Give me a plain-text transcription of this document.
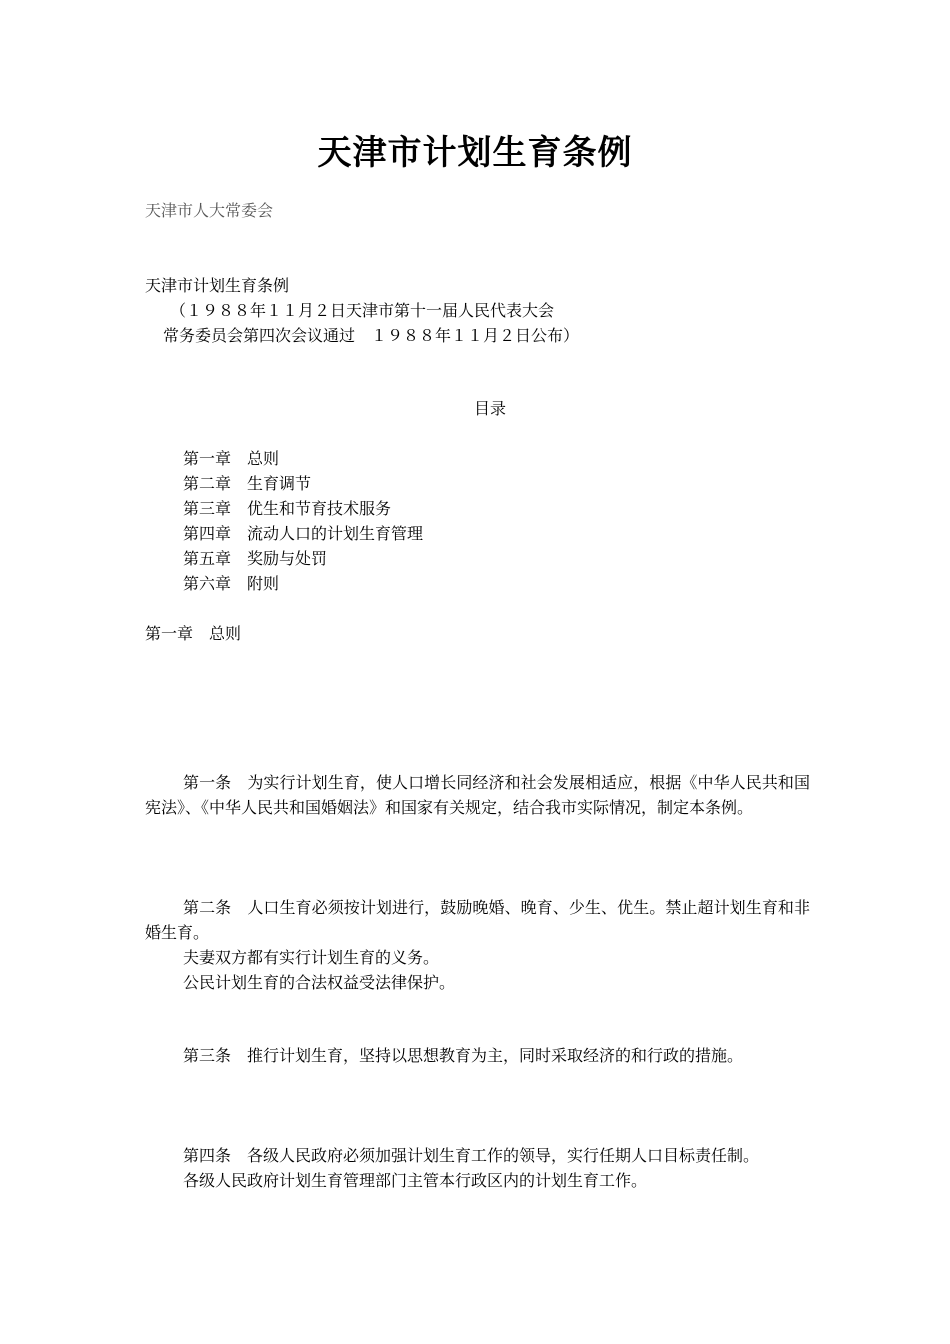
天津市计划生育条例
天津市人大常委会
天津市计划生育条例
（１９８８年１１月２日天津市第十一届人民代表大会
常务委员会第四次会议通过　１９８８年１１月２日公布）
目录
第一章　总则
第二章　生育调节
第三章　优生和节育技术服务
第四章　流动人口的计划生育管理
第五章　奖励与处罚
第六章　附则
第一章　总则
第一条　为实行计划生育，使人口增长同经济和社会发展相适应，根据《中华人民共和国宪法》、《中华人民共和国婚姻法》和国家有关规定，结合我市实际情况，制定本条例。
第二条　人口生育必须按计划进行，鼓励晚婚、晚育、少生、优生。禁止超计划生育和非婚生育。
夫妻双方都有实行计划生育的义务。
公民计划生育的合法权益受法律保护。
第三条　推行计划生育，坚持以思想教育为主，同时采取经济的和行政的措施。
第四条　各级人民政府必须加强计划生育工作的领导，实行任期人口目标责任制。
各级人民政府计划生育管理部门主管本行政区内的计划生育工作。
